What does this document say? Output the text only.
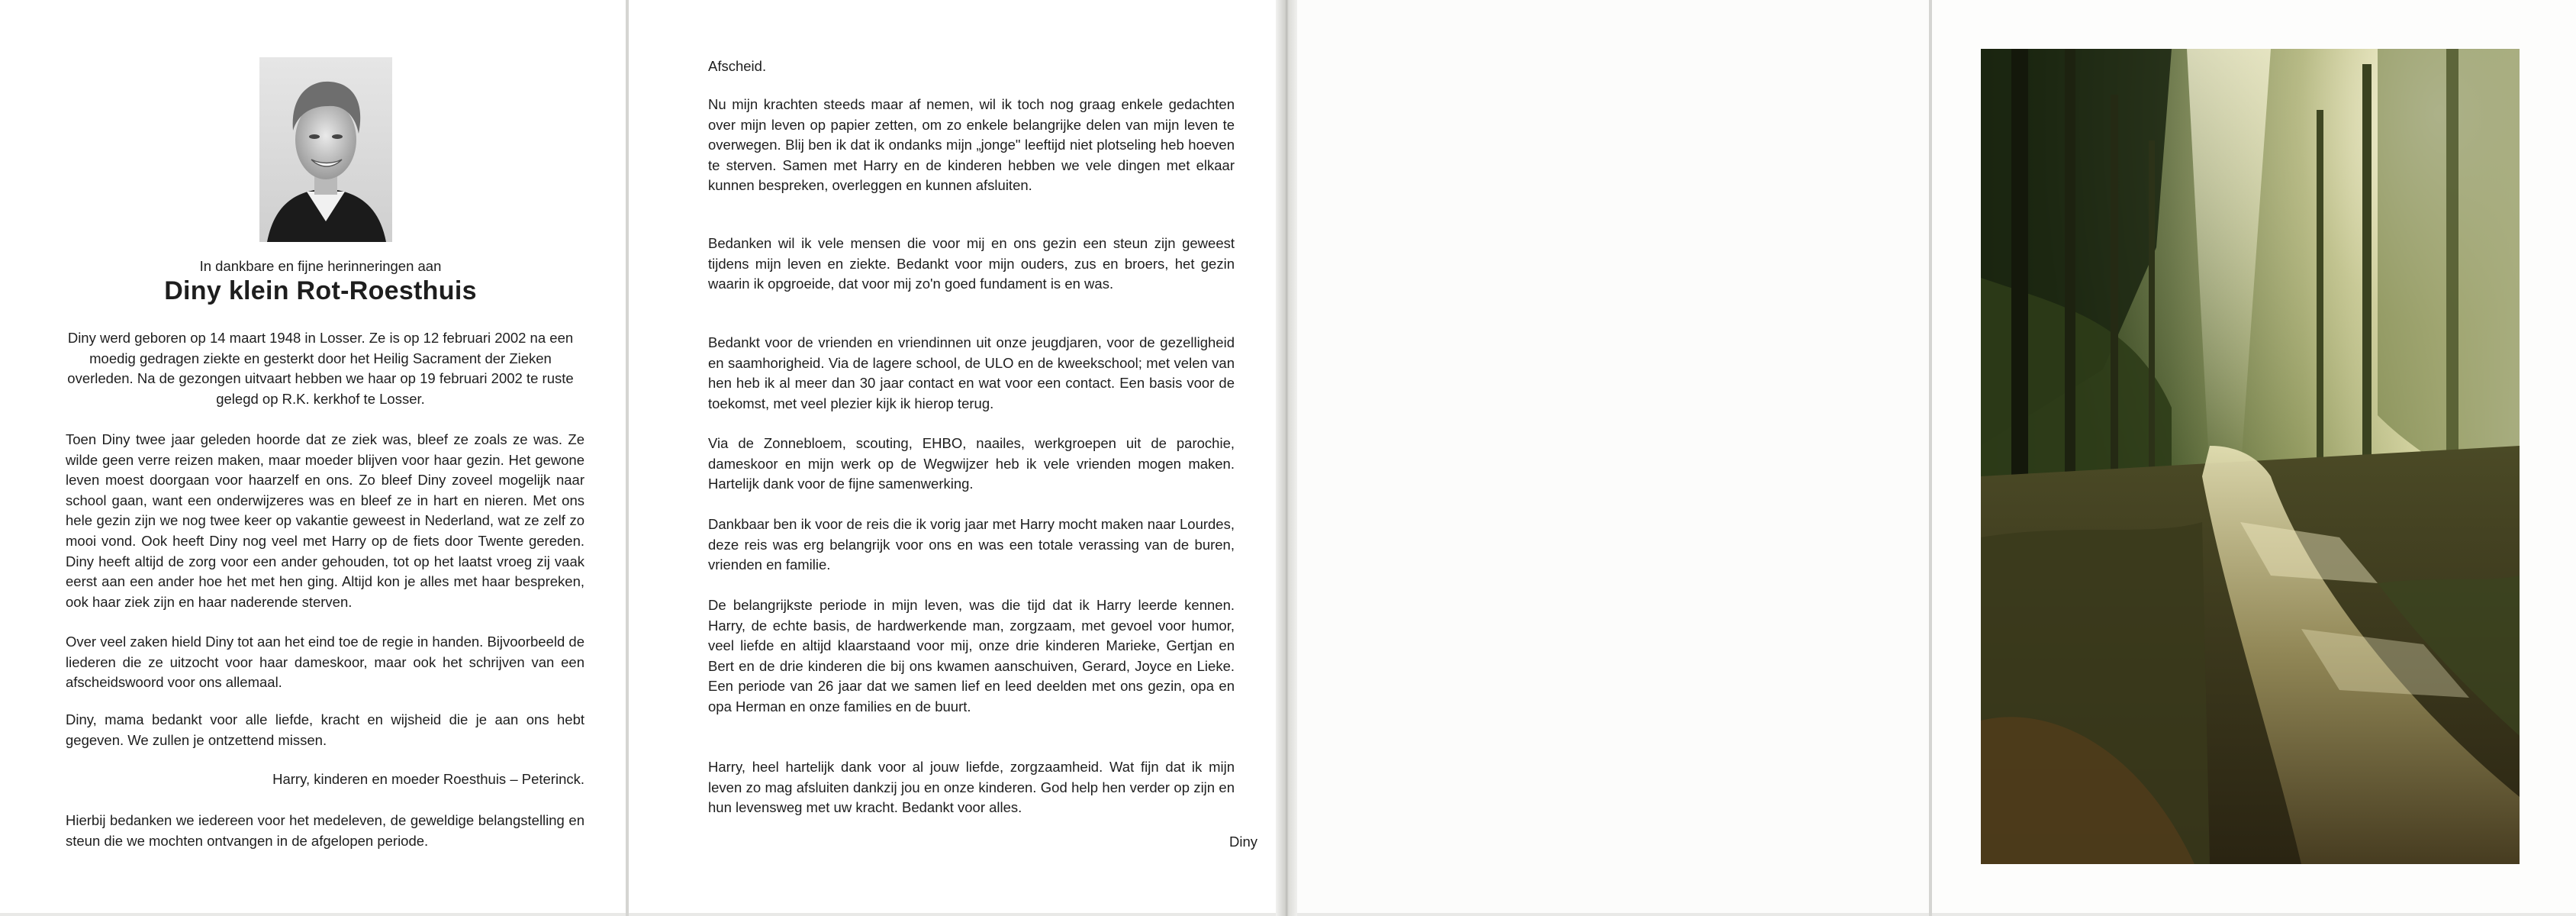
In dankbare en fijne herinneringen aan
Diny klein Rot-Roesthuis
Diny werd geboren op 14 maart 1948 in Losser. Ze is op 12 februari 2002 na een moedig gedragen ziekte en gesterkt door het Heilig Sacrament der Zieken overleden. Na de gezongen uitvaart hebben we haar op 19 februari 2002 te ruste gelegd op R.K. kerkhof te Losser.
Toen Diny twee jaar geleden hoorde dat ze ziek was, bleef ze zoals ze was. Ze wilde geen verre reizen maken, maar moeder blijven voor haar gezin. Het gewone leven moest doorgaan voor haarzelf en ons. Zo bleef Diny zoveel mogelijk naar school gaan, want een onderwijzeres was en bleef ze in hart en nieren. Met ons hele gezin zijn we nog twee keer op vakantie geweest in Nederland, wat ze zelf zo mooi vond. Ook heeft Diny nog veel met Harry op de fiets door Twente gereden. Diny heeft altijd de zorg voor een ander gehouden, tot op het laatst vroeg zij vaak eerst aan een ander hoe het met hen ging. Altijd kon je alles met haar bespreken, ook haar ziek zijn en haar naderende sterven.
Over veel zaken hield Diny tot aan het eind toe de regie in handen. Bijvoorbeeld de liederen die ze uitzocht voor haar dameskoor, maar ook het schrijven van een afscheidswoord voor ons allemaal.
Diny, mama bedankt voor alle liefde, kracht en wijsheid die je aan ons hebt gegeven. We zullen je ontzettend missen.
Harry, kinderen en moeder Roesthuis – Peterinck.
Hierbij bedanken we iedereen voor het medeleven, de geweldige belangstelling en steun die we mochten ontvangen in de afgelopen periode.
Afscheid.
Nu mijn krachten steeds maar af nemen, wil ik toch nog graag enkele gedachten over mijn leven op papier zetten, om zo enkele belangrijke delen van mijn leven te overwegen. Blij ben ik dat ik ondanks mijn „jonge" leeftijd niet plotseling heb hoeven te sterven. Samen met Harry en de kinderen hebben we vele dingen met elkaar kunnen bespreken, overleggen en kunnen afsluiten.
Bedanken wil ik vele mensen die voor mij en ons gezin een steun zijn geweest tijdens mijn leven en ziekte. Bedankt voor mijn ouders, zus en broers, het gezin waarin ik opgroeide, dat voor mij zo'n goed fundament is en was.
Bedankt voor de vrienden en vriendinnen uit onze jeugdjaren, voor de gezelligheid en saamhorigheid. Via de lagere school, de ULO en de kweekschool; met velen van hen heb ik al meer dan 30 jaar contact en wat voor een contact. Een basis voor de toekomst, met veel plezier kijk ik hierop terug.
Via de Zonnebloem, scouting, EHBO, naailes, werkgroepen uit de parochie, dameskoor en mijn werk op de Wegwijzer heb ik vele vrienden mogen maken. Hartelijk dank voor de fijne samenwerking.
Dankbaar ben ik voor de reis die ik vorig jaar met Harry mocht maken naar Lourdes, deze reis was erg belangrijk voor ons en was een totale verassing van de buren, vrienden en familie.
De belangrijkste periode in mijn leven, was die tijd dat ik Harry leerde kennen. Harry, de echte basis, de hardwerkende man, zorgzaam, met gevoel voor humor, veel liefde en altijd klaarstaand voor mij, onze drie kinderen Marieke, Gertjan en Bert en de drie kinderen die bij ons kwamen aanschuiven, Gerard, Joyce en Lieke. Een periode van 26 jaar dat we samen lief en leed deelden met ons gezin, opa en opa Herman en onze families en de buurt.
Harry, heel hartelijk dank voor al jouw liefde, zorgzaamheid. Wat fijn dat ik mijn leven zo mag afsluiten dankzij jou en onze kinderen. God help hen verder op zijn en hun levensweg met uw kracht. Bedankt voor alles.
Diny
